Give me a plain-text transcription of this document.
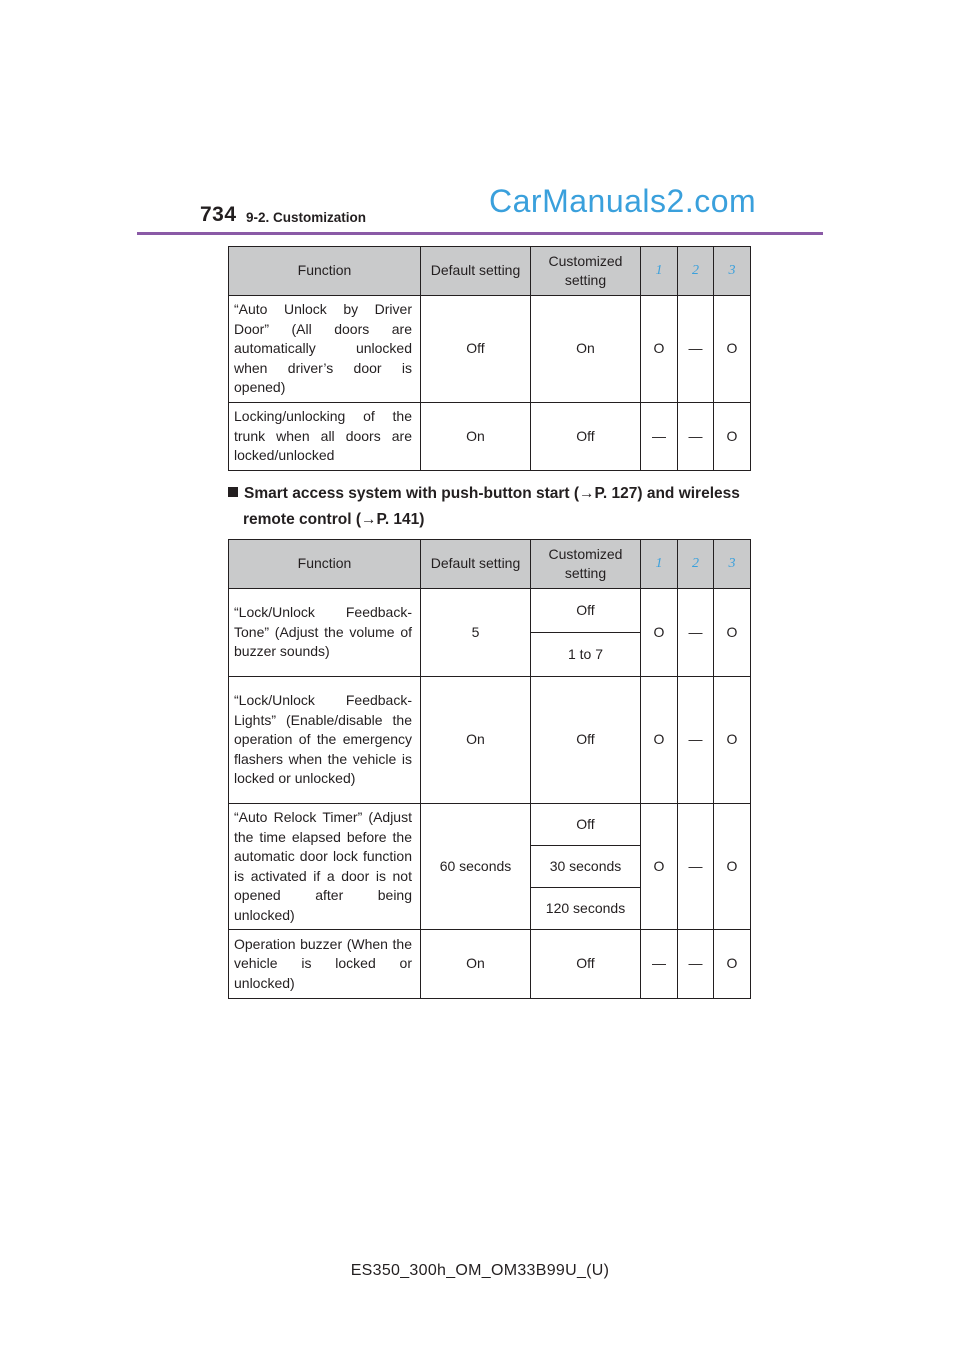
734 9-2. Customization	CarManuals2.com
Function	Default setting	Customized setting	1	2	3
“Auto Unlock by Driver Door” (All doors are automatically unlocked when driver’s door is opened)	Off	On	O	—	O
Locking/unlocking of the trunk when all doors are locked/unlocked	On	Off	—	—	O
Smart access system with push-button start (→P. 127) and wireless
remote control (→P. 141)
Function	Default setting	Customized setting	1	2	3
“Lock/Unlock Feedback-Tone” (Adjust the volume of buzzer sounds)	5	Off	O	—	O
		1 to 7			
“Lock/Unlock Feedback-Lights” (Enable/disable the operation of the emergency flashers when the vehicle is locked or unlocked)	On	Off	O	—	O
“Auto Relock Timer” (Adjust the time elapsed before the automatic door lock function is activated if a door is not opened after being unlocked)	60 seconds	Off	O	—	O
		30 seconds			
		120 seconds			
Operation buzzer (When the vehicle is locked or unlocked)	On	Off	—	—	O
ES350_300h_OM_OM33B99U_(U)
